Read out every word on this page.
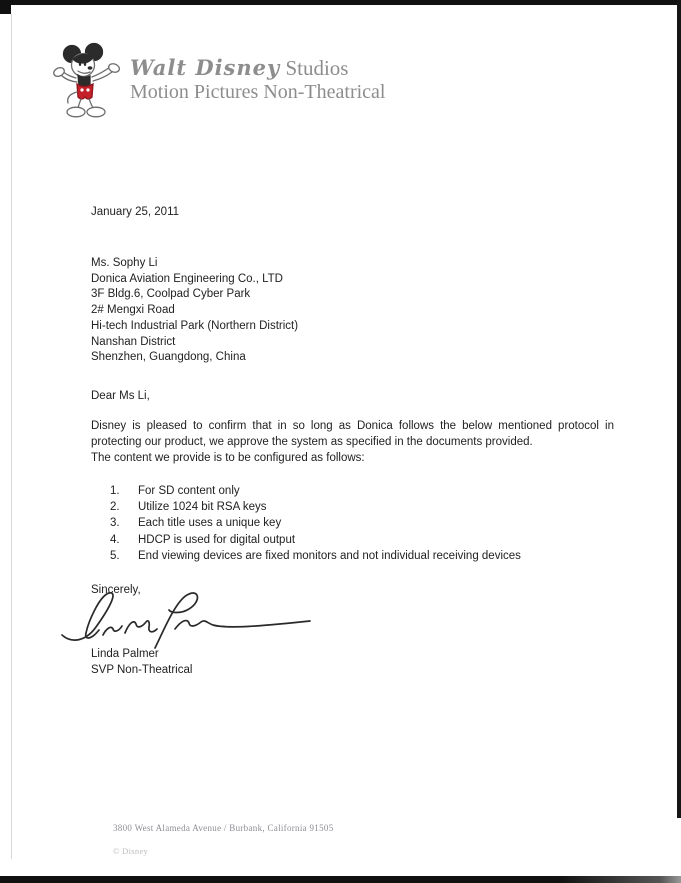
Walt Disney Studios
Motion Pictures Non-Theatrical
January 25, 2011
Ms. Sophy Li
Donica Aviation Engineering Co., LTD
3F Bldg.6, Coolpad Cyber Park
2# Mengxi Road
Hi-tech Industrial Park (Northern District)
Nanshan District
Shenzhen, Guangdong, China
Dear Ms Li,
Disney is pleased to confirm that in so long as Donica follows the below mentioned protocol in protecting our product, we approve the system as specified in the documents provided.
The content we provide is to be configured as follows:
For SD content only
Utilize 1024 bit RSA keys
Each title uses a unique key
HDCP is used for digital output
End viewing devices are fixed monitors and not individual receiving devices
Sincerely,
Linda Palmer
SVP Non-Theatrical
3800 West Alameda Avenue / Burbank, California 91505
© Disney
